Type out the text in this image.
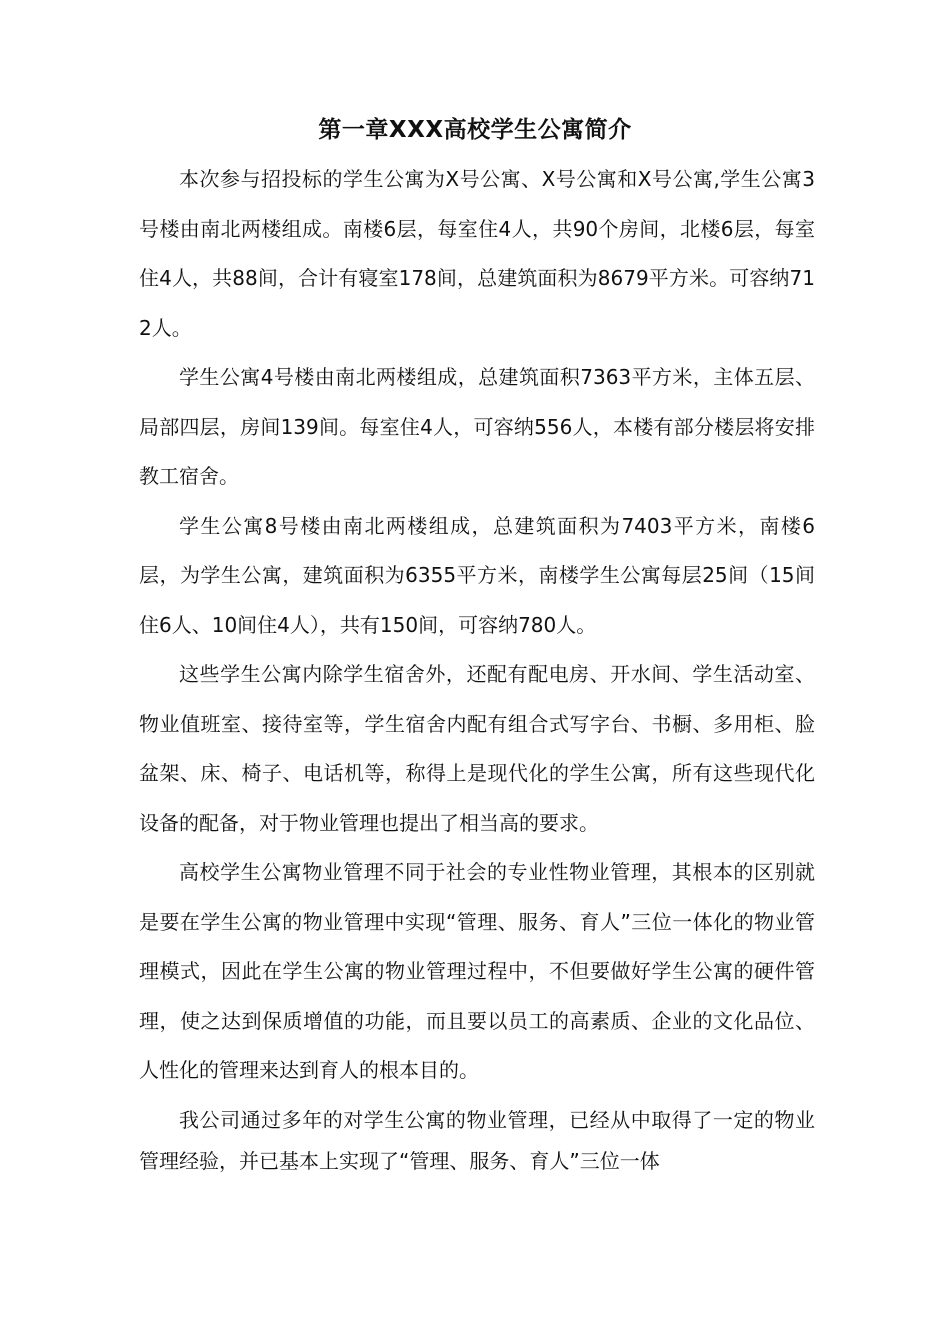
第一章XXX高校学生公寓简介

本次参与招投标的学生公寓为X号公寓、X号公寓和X号公寓,学生公寓3号楼由南北两楼组成。南楼6层，每室住4人，共90个房间，北楼6层，每室住4人，共88间，合计有寝室178间，总建筑面积为8679平方米。可容纳712人。

学生公寓4号楼由南北两楼组成，总建筑面积7363平方米，主体五层、局部四层，房间139间。每室住4人，可容纳556人，本楼有部分楼层将安排教工宿舍。

学生公寓8号楼由南北两楼组成，总建筑面积为7403平方米，南楼6层，为学生公寓，建筑面积为6355平方米，南楼学生公寓每层25间（15间住6人、10间住4人），共有150间，可容纳780人。

这些学生公寓内除学生宿舍外，还配有配电房、开水间、学生活动室、物业值班室、接待室等，学生宿舍内配有组合式写字台、书橱、多用柜、脸盆架、床、椅子、电话机等，称得上是现代化的学生公寓，所有这些现代化设备的配备，对于物业管理也提出了相当高的要求。

高校学生公寓物业管理不同于社会的专业性物业管理，其根本的区别就是要在学生公寓的物业管理中实现“管理、服务、育人”三位一体化的物业管理模式，因此在学生公寓的物业管理过程中，不但要做好学生公寓的硬件管理，使之达到保质增值的功能，而且要以员工的高素质、企业的文化品位、人性化的管理来达到育人的根本目的。

我公司通过多年的对学生公寓的物业管理，已经从中取得了一定的物业管理经验，并已基本上实现了“管理、服务、育人”三位一体
